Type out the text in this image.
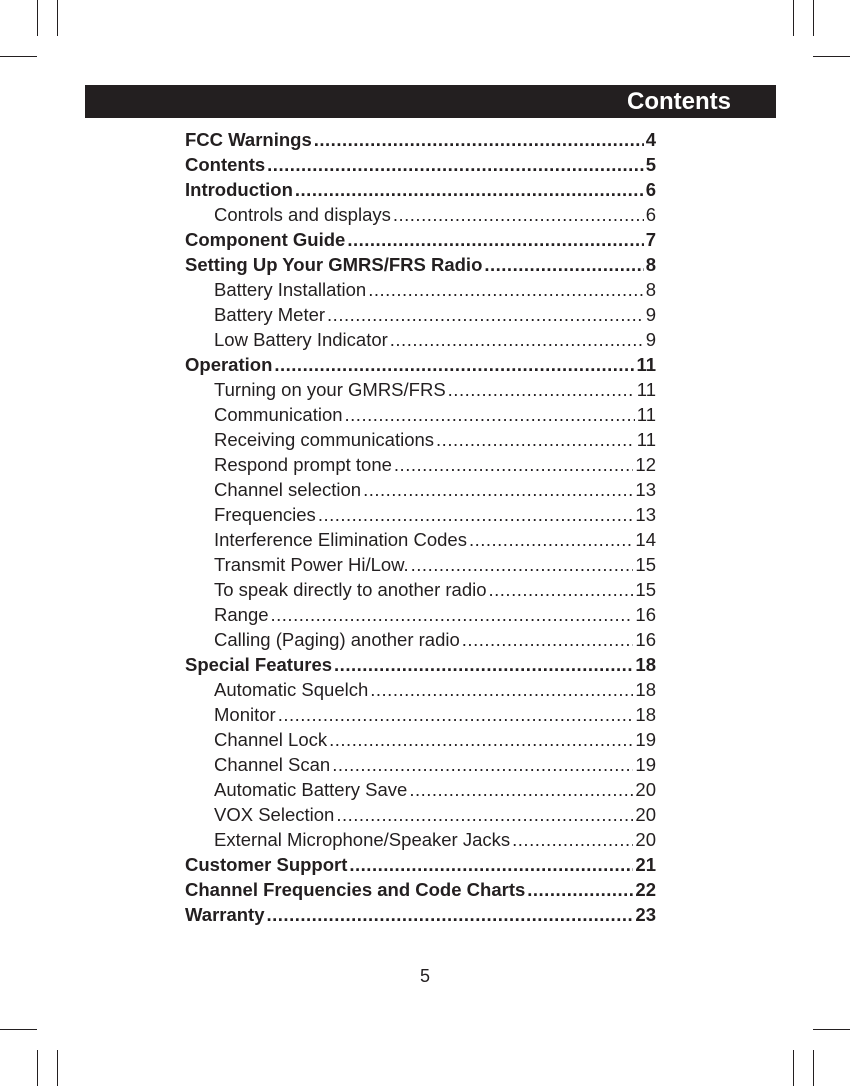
Contents
FCC Warnings .....	4
Contents .....	5
Introduction .....	6
Controls and displays .....	6
Component Guide .....	7
Setting Up Your GMRS/FRS Radio .....	8
Battery Installation .....	8
Battery Meter .....	9
Low Battery Indicator .....	9
Operation .....	11
Turning on your GMRS/FRS .....	11
Communication .....	11
Receiving communications .....	11
Respond prompt tone .....	12
Channel selection .....	13
Frequencies .....	13
Interference Elimination Codes .....	14
Transmit Power Hi/Low. .....	15
To speak directly to another radio .....	15
Range .....	16
Calling (Paging) another radio .....	16
Special Features .....	18
Automatic Squelch .....	18
Monitor .....	18
Channel Lock .....	19
Channel Scan .....	19
Automatic Battery Save .....	20
VOX Selection .....	20
External Microphone/Speaker Jacks .....	20
Customer Support .....	21
Channel Frequencies and Code Charts .....	22
Warranty .....	23
5
